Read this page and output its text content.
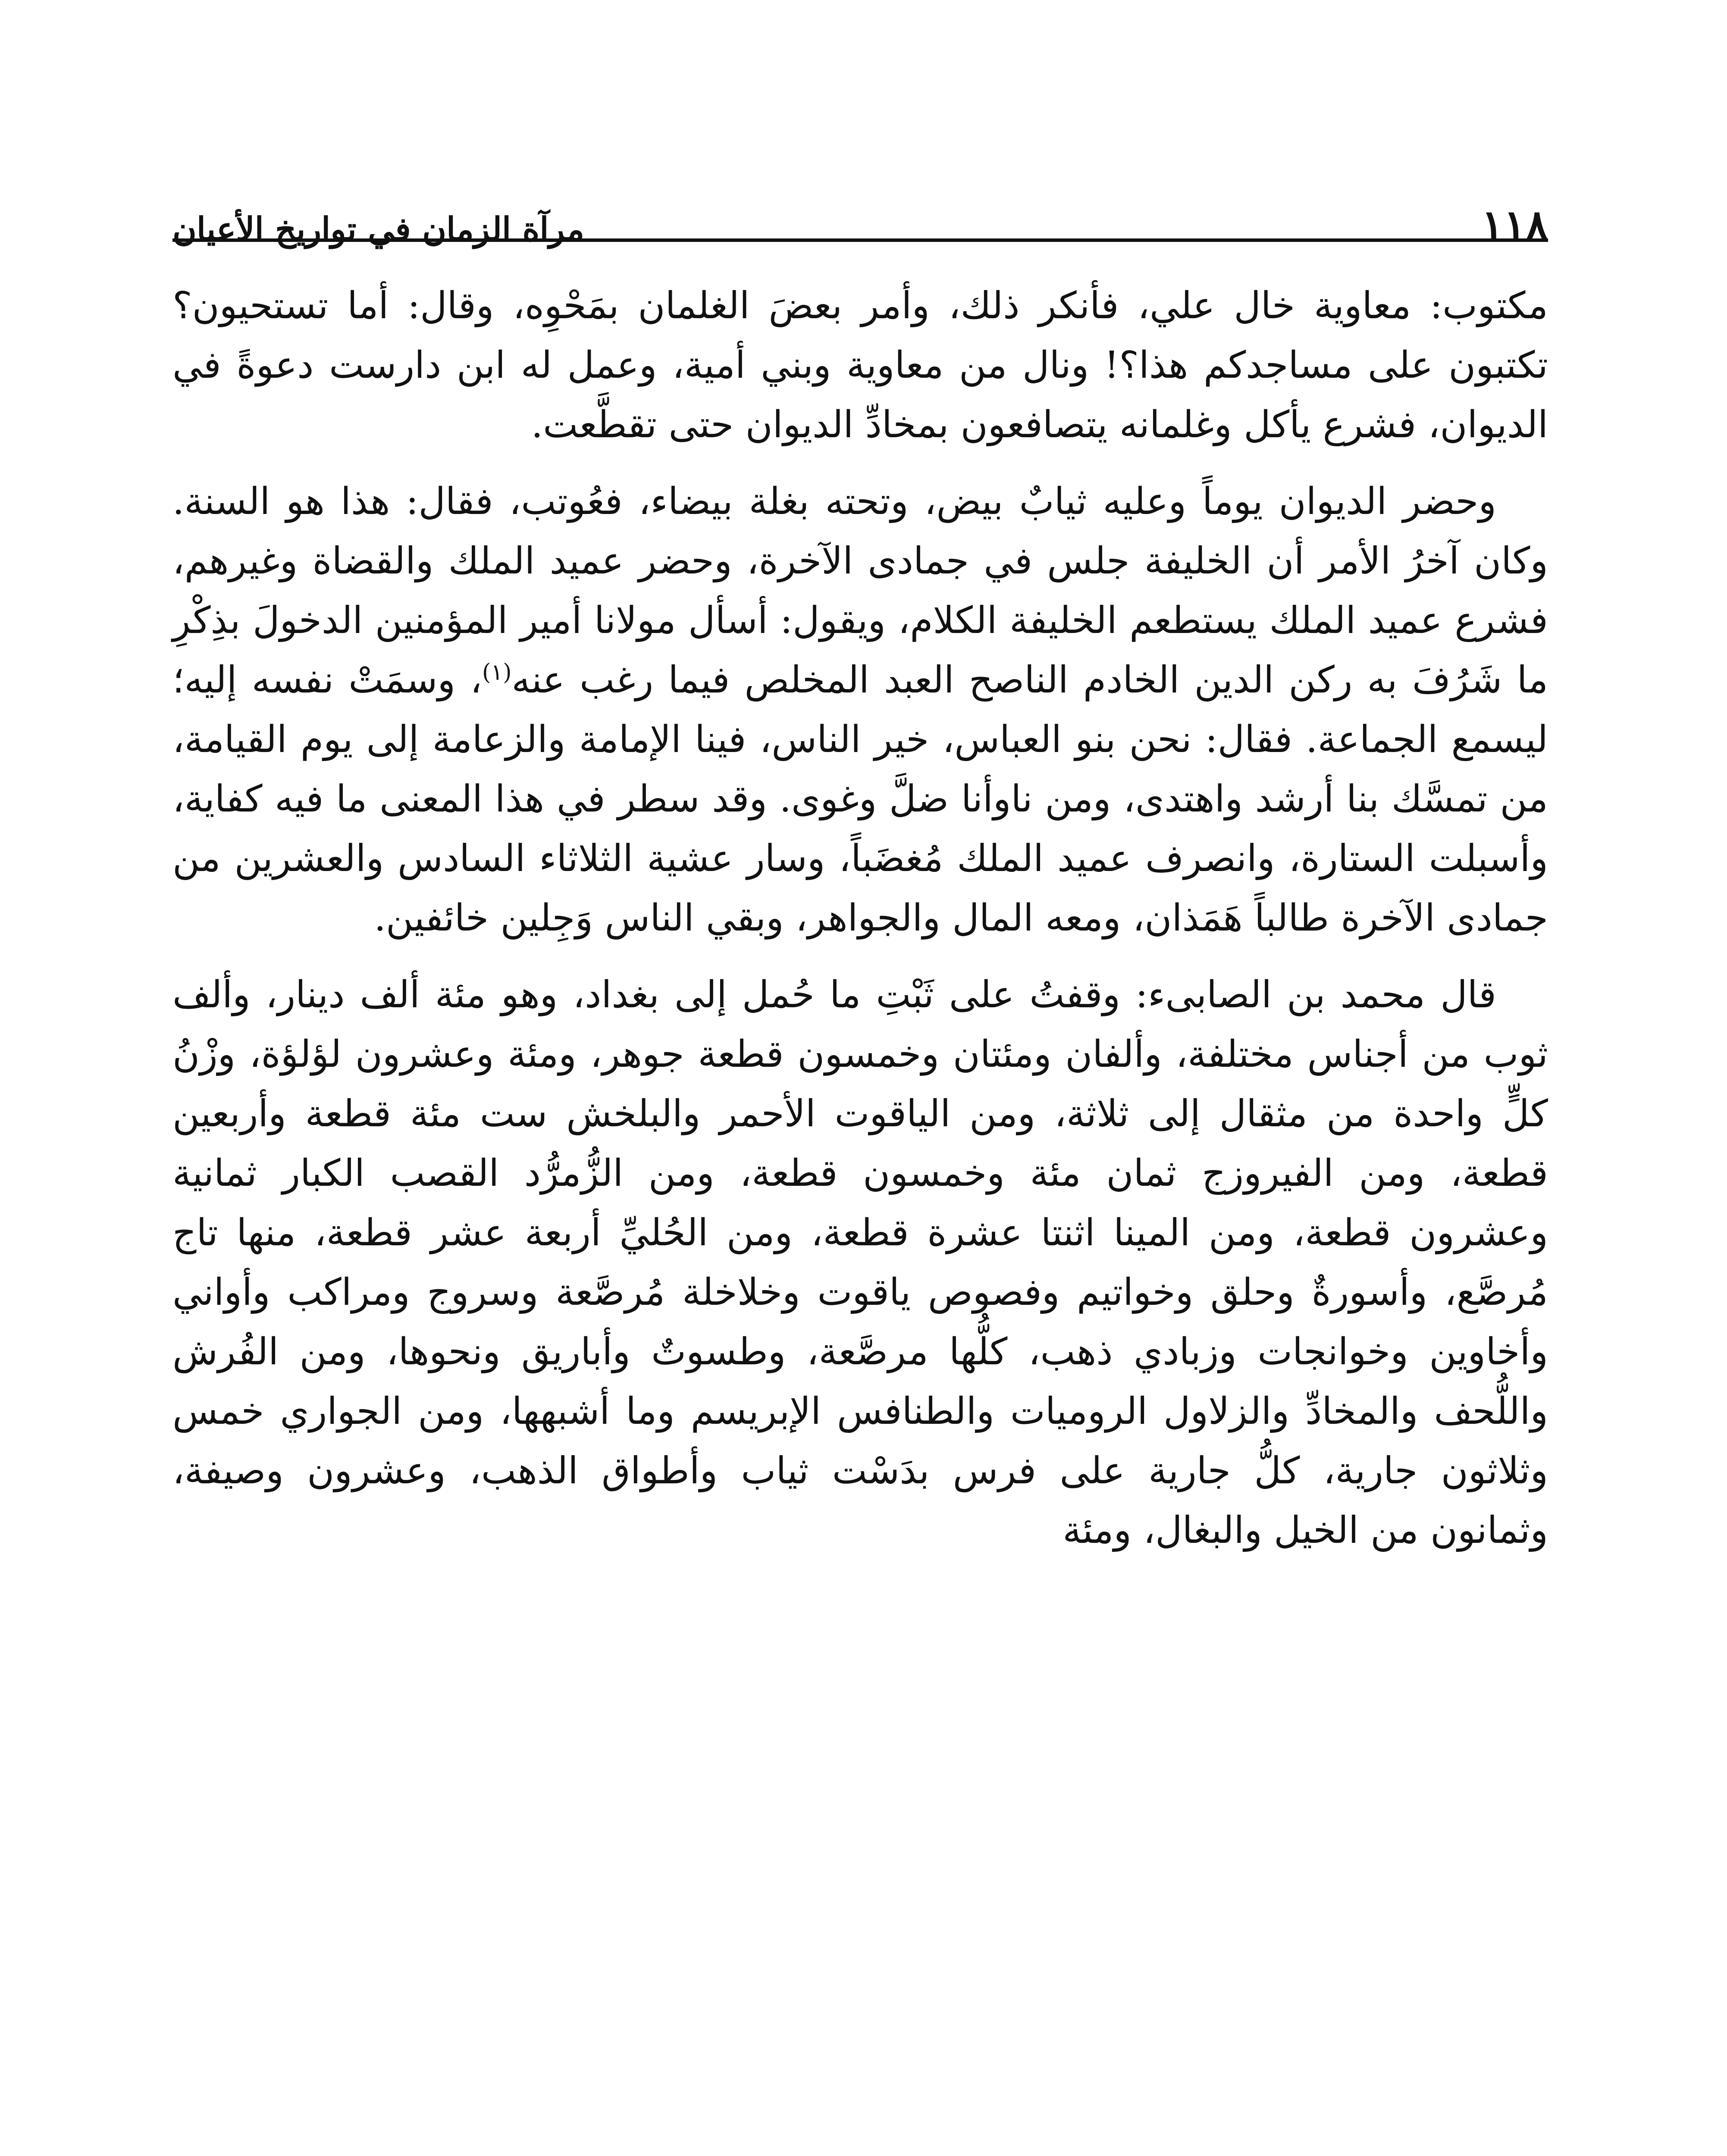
١١٨
مرآة الزمان في تواريخ الأعيان

مكتوب: معاوية خال علي، فأنكر ذلك، وأمر بعضَ الغلمان بمَحْوِه، وقال: أما تستحيون؟ تكتبون على مساجدكم هذا؟! ونال من معاوية وبني أمية، وعمل له ابن دارست دعوةً في الديوان، فشرع يأكل وغلمانه يتصافعون بمخادِّ الديوان حتى تقطَّعت.

وحضر الديوان يوماً وعليه ثيابٌ بيض، وتحته بغلة بيضاء، فعُوتب، فقال: هذا هو السنة. وكان آخرُ الأمر أن الخليفة جلس في جمادى الآخرة، وحضر عميد الملك والقضاة وغيرهم، فشرع عميد الملك يستطعم الخليفة الكلام، ويقول: أسأل مولانا أمير المؤمنين الدخولَ بذِكْرِ ما شَرُفَ به ركن الدين الخادم الناصح العبد المخلص فيما رغب عنه$^{(١)}$، وسمَتْ نفسه إليه؛ ليسمع الجماعة. فقال: نحن بنو العباس، خير الناس، فينا الإمامة والزعامة إلى يوم القيامة، من تمسَّك بنا أرشد واهتدى، ومن ناوأنا ضلَّ وغوى. وقد سطر في هذا المعنى ما فيه كفاية، وأسبلت الستارة، وانصرف عميد الملك مُغضَباً، وسار عشية الثلاثاء السادس والعشرين من جمادى الآخرة طالباً هَمَذان، ومعه المال والجواهر، وبقي الناس وَجِلين خائفين.

قال محمد بن الصابىء: وقفتُ على ثَبْتِ ما حُمل إلى بغداد، وهو مئة ألف دينار، وألف ثوب من أجناس مختلفة، وألفان ومئتان وخمسون قطعة جوهر، ومئة وعشرون لؤلؤة، وزْنُ كلٍّ واحدة من مثقال إلى ثلاثة، ومن الياقوت الأحمر والبلخش ست مئة قطعة وأربعين قطعة، ومن الفيروزج ثمان مئة وخمسون قطعة، ومن الزُّمرُّد القصب الكبار ثمانية وعشرون قطعة، ومن المينا اثنتا عشرة قطعة، ومن الحُليِّ أربعة عشر قطعة، منها تاج مُرصَّع، وأسورةٌ وحلق وخواتيم وفصوص ياقوت وخلاخلة مُرصَّعة وسروج ومراكب وأواني وأخاوين وخوانجات وزبادي ذهب، كلُّها مرصَّعة، وطسوتٌ وأباريق ونحوها، ومن الفُرش واللُّحف والمخادِّ والزلاول الروميات والطنافس الإبريسم وما أشبهها، ومن الجواري خمس وثلاثون جارية، كلُّ جارية على فرس بدَسْت ثياب وأطواق الذهب، وعشرون وصيفة، وثمانون من الخيل والبغال، ومئة
